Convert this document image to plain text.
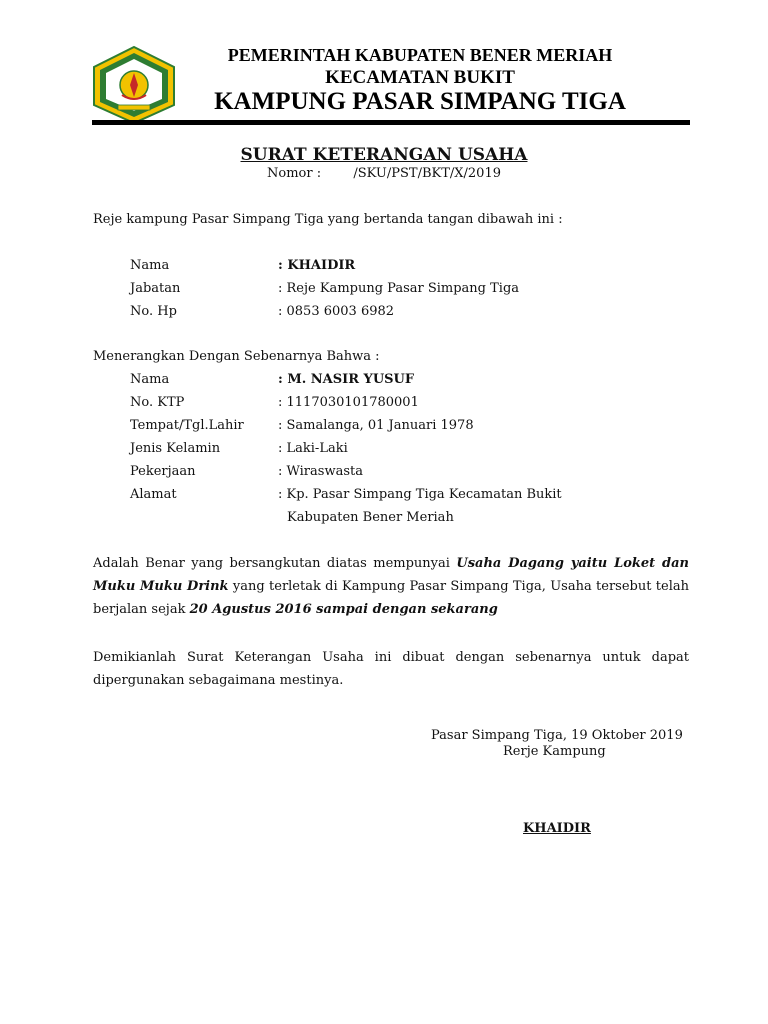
PEMERINTAH KABUPATEN BENER MERIAH
KECAMATAN BUKIT
KAMPUNG PASAR SIMPANG TIGA
SURAT KETERANGAN USAHA
Nomor : /SKU/PST/BKT/X/2019
Reje kampung Pasar Simpang Tiga yang bertanda tangan dibawah ini :
Nama	: KHAIDIR
Jabatan	: Reje Kampung Pasar Simpang Tiga
No. Hp	: 0853 6003 6982
Menerangkan Dengan Sebenarnya Bahwa :
Nama	: M. NASIR YUSUF
No. KTP	: 1117030101780001
Tempat/Tgl.Lahir	: Samalanga, 01 Januari 1978
Jenis Kelamin	: Laki-Laki
Pekerjaan	: Wiraswasta
Alamat	: Kp. Pasar Simpang Tiga Kecamatan Bukit
Kabupaten Bener Meriah
Adalah Benar yang bersangkutan diatas mempunyai Usaha Dagang yaitu Loket dan Muku Muku Drink yang terletak di Kampung Pasar Simpang Tiga, Usaha tersebut telah berjalan sejak 20 Agustus 2016 sampai dengan sekarang
Demikianlah Surat Keterangan Usaha ini dibuat dengan sebenarnya untuk dapat dipergunakan sebagaimana mestinya.
Pasar Simpang Tiga, 19 Oktober 2019
Rerje Kampung
KHAIDIR
